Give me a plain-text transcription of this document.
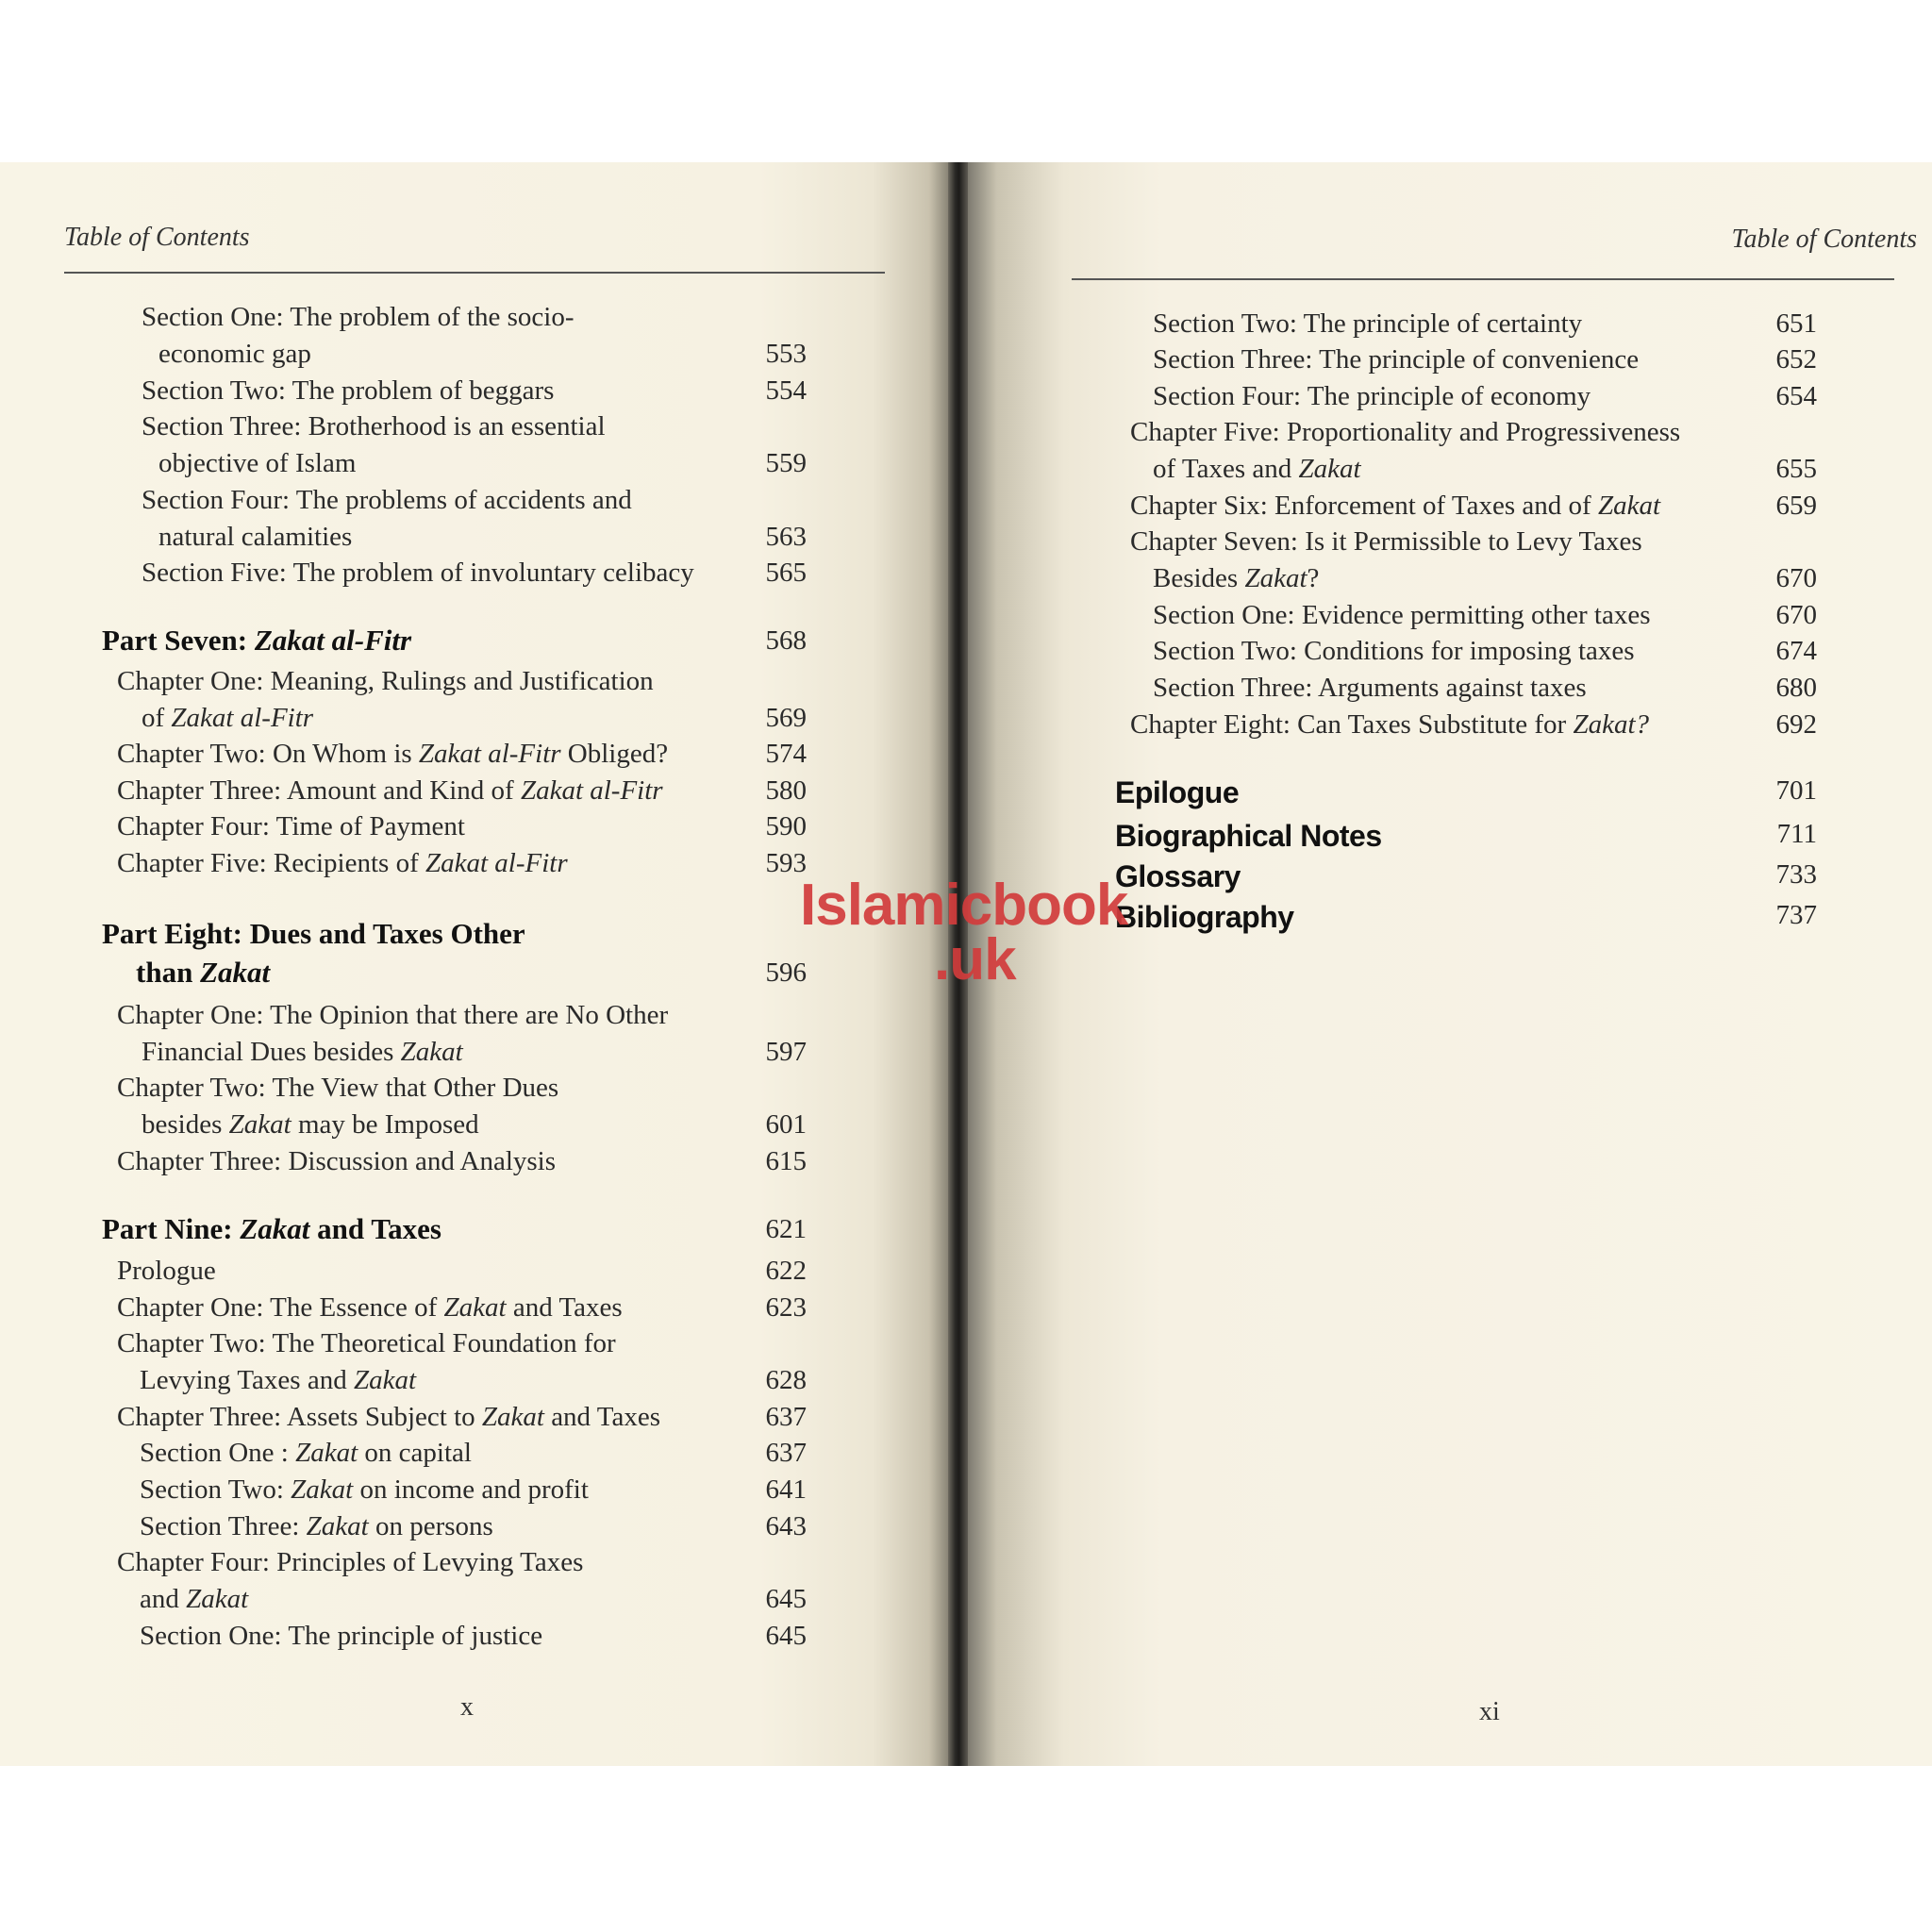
Table of Contents
Section One: The problem of the socio-
economic gap	553
Section Two: The problem of beggars	554
Section Three: Brotherhood is an essential
objective of Islam	559
Section Four: The problems of accidents and
natural calamities	563
Section Five: The problem of involuntary celibacy	565
Part Seven: Zakat al-Fitr	568
Chapter One: Meaning, Rulings and Justification
of Zakat al-Fitr	569
Chapter Two: On Whom is Zakat al-Fitr Obliged?	574
Chapter Three: Amount and Kind of Zakat al-Fitr	580
Chapter Four: Time of Payment	590
Chapter Five: Recipients of Zakat al-Fitr	593
Part Eight: Dues and Taxes Other
than Zakat	596
Chapter One: The Opinion that there are No Other
Financial Dues besides Zakat	597
Chapter Two: The View that Other Dues
besides Zakat may be Imposed	601
Chapter Three: Discussion and Analysis	615
Part Nine: Zakat and Taxes	621
Prologue	622
Chapter One: The Essence of Zakat and Taxes	623
Chapter Two: The Theoretical Foundation for
Levying Taxes and Zakat	628
Chapter Three: Assets Subject to Zakat and Taxes	637
Section One : Zakat on capital	637
Section Two: Zakat on income and profit	641
Section Three: Zakat on persons	643
Chapter Four: Principles of Levying Taxes
and Zakat	645
Section One: The principle of justice	645
x
Table of Contents
Section Two: The principle of certainty	651
Section Three: The principle of convenience	652
Section Four: The principle of economy	654
Chapter Five: Proportionality and Progressiveness
of Taxes and Zakat	655
Chapter Six: Enforcement of Taxes and of Zakat	659
Chapter Seven: Is it Permissible to Levy Taxes
Besides Zakat?	670
Section One: Evidence permitting other taxes	670
Section Two: Conditions for imposing taxes	674
Section Three: Arguments against taxes	680
Chapter Eight: Can Taxes Substitute for Zakat?	692
Epilogue	701
Biographical Notes	711
Glossary	733
Bibliography	737
xi
Islamicbook
.uk
